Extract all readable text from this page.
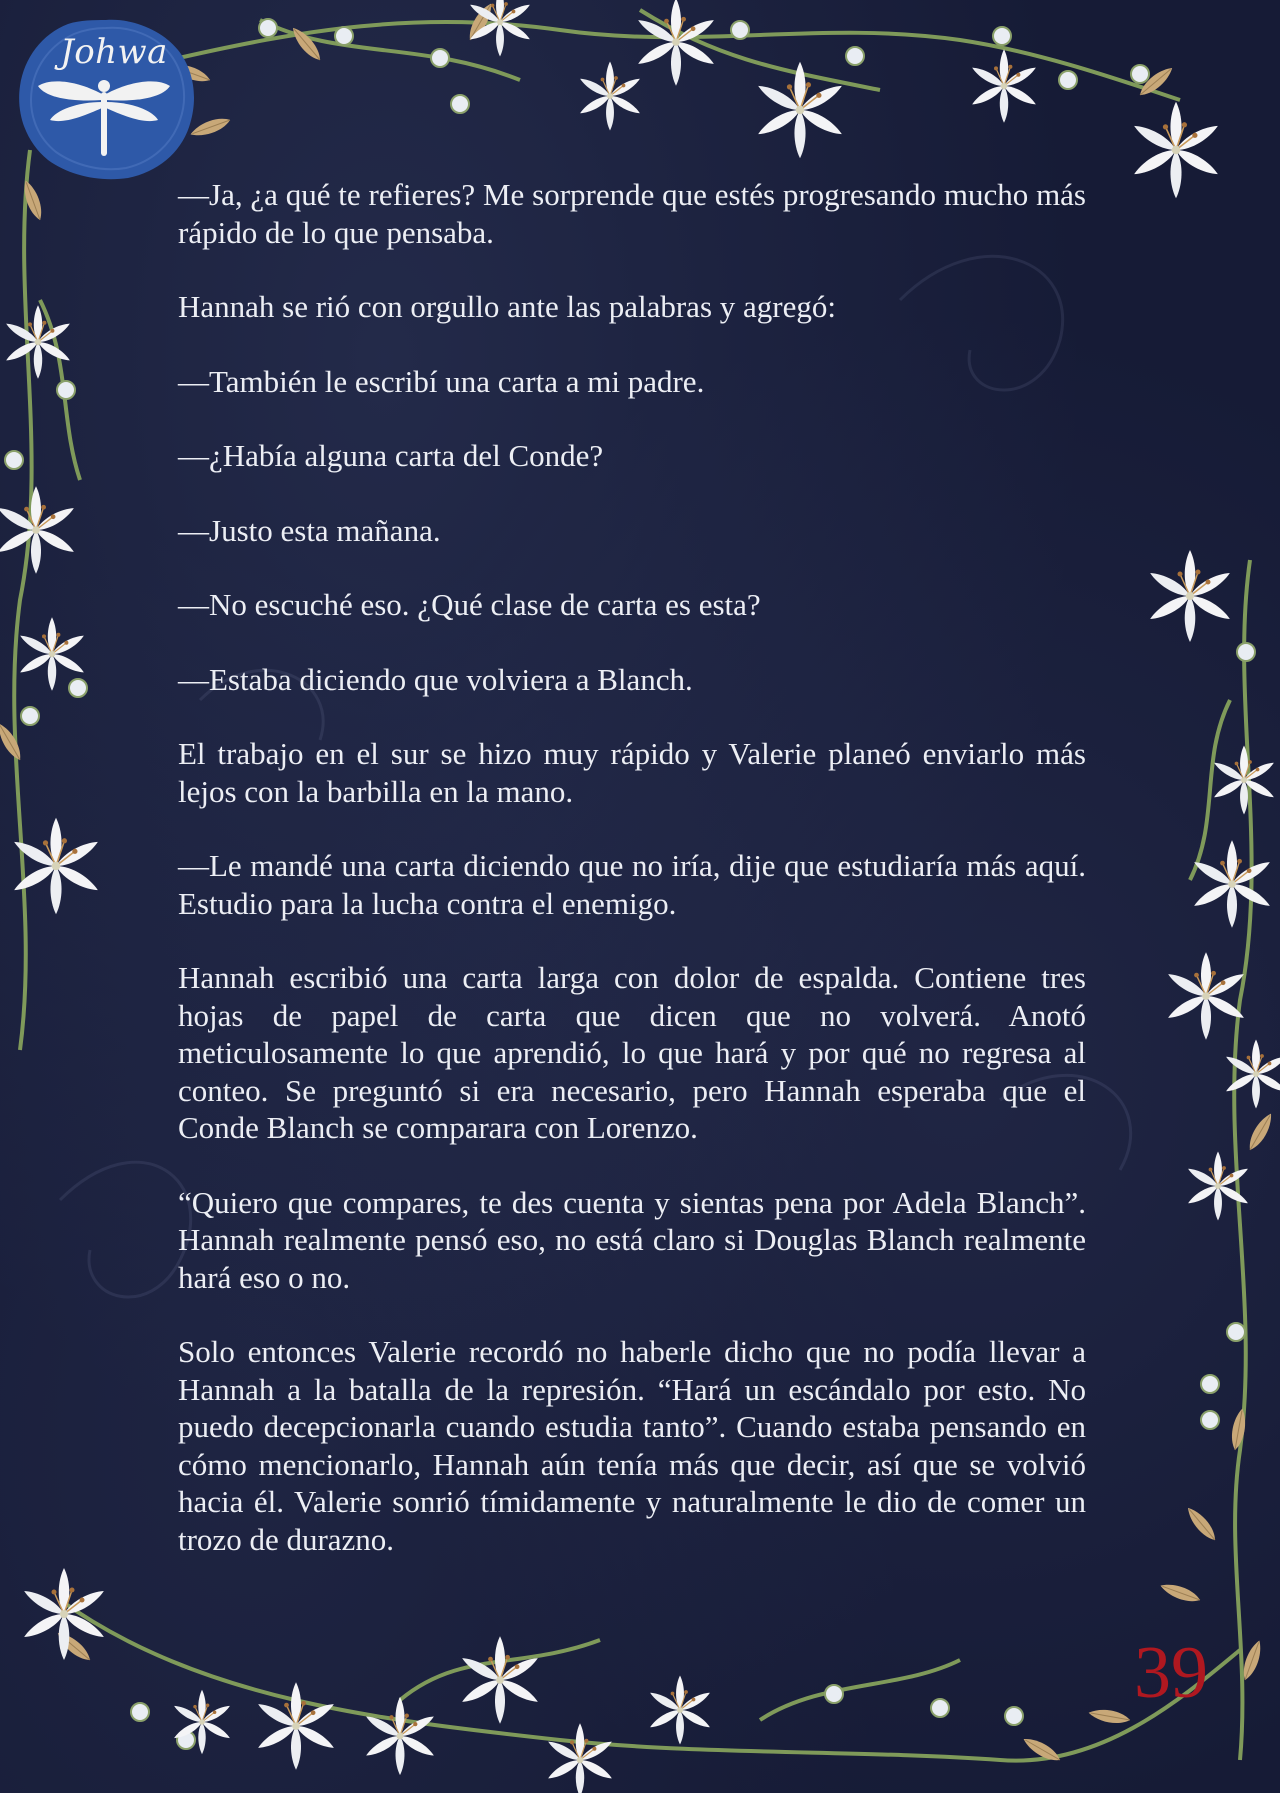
Johwa

—Ja, ¿a qué te refieres? Me sorprende que estés progresando mucho más rápido de lo que pensaba.

Hannah se rió con orgullo ante las palabras y agregó:

—También le escribí una carta a mi padre.

—¿Había alguna carta del Conde?

—Justo esta mañana.

—No escuché eso. ¿Qué clase de carta es esta?

—Estaba diciendo que volviera a Blanch.

El trabajo en el sur se hizo muy rápido y Valerie planeó enviarlo más lejos con la barbilla en la mano.

—Le mandé una carta diciendo que no iría, dije que estudiaría más aquí. Estudio para la lucha contra el enemigo.

Hannah escribió una carta larga con dolor de espalda. Contiene tres hojas de papel de carta que dicen que no volverá. Anotó meticulosamente lo que aprendió, lo que hará y por qué no regresa al conteo. Se preguntó si era necesario, pero Hannah esperaba que el Conde Blanch se comparara con Lorenzo.

“Quiero que compares, te des cuenta y sientas pena por Adela Blanch”. Hannah realmente pensó eso, no está claro si Douglas Blanch realmente hará eso o no.

Solo entonces Valerie recordó no haberle dicho que no podía llevar a Hannah a la batalla de la represión. “Hará un escándalo por esto. No puedo decepcionarla cuando estudia tanto”. Cuando estaba pensando en cómo mencionarlo, Hannah aún tenía más que decir, así que se volvió hacia él. Valerie sonrió tímidamente y naturalmente le dio de comer un trozo de durazno.

39
